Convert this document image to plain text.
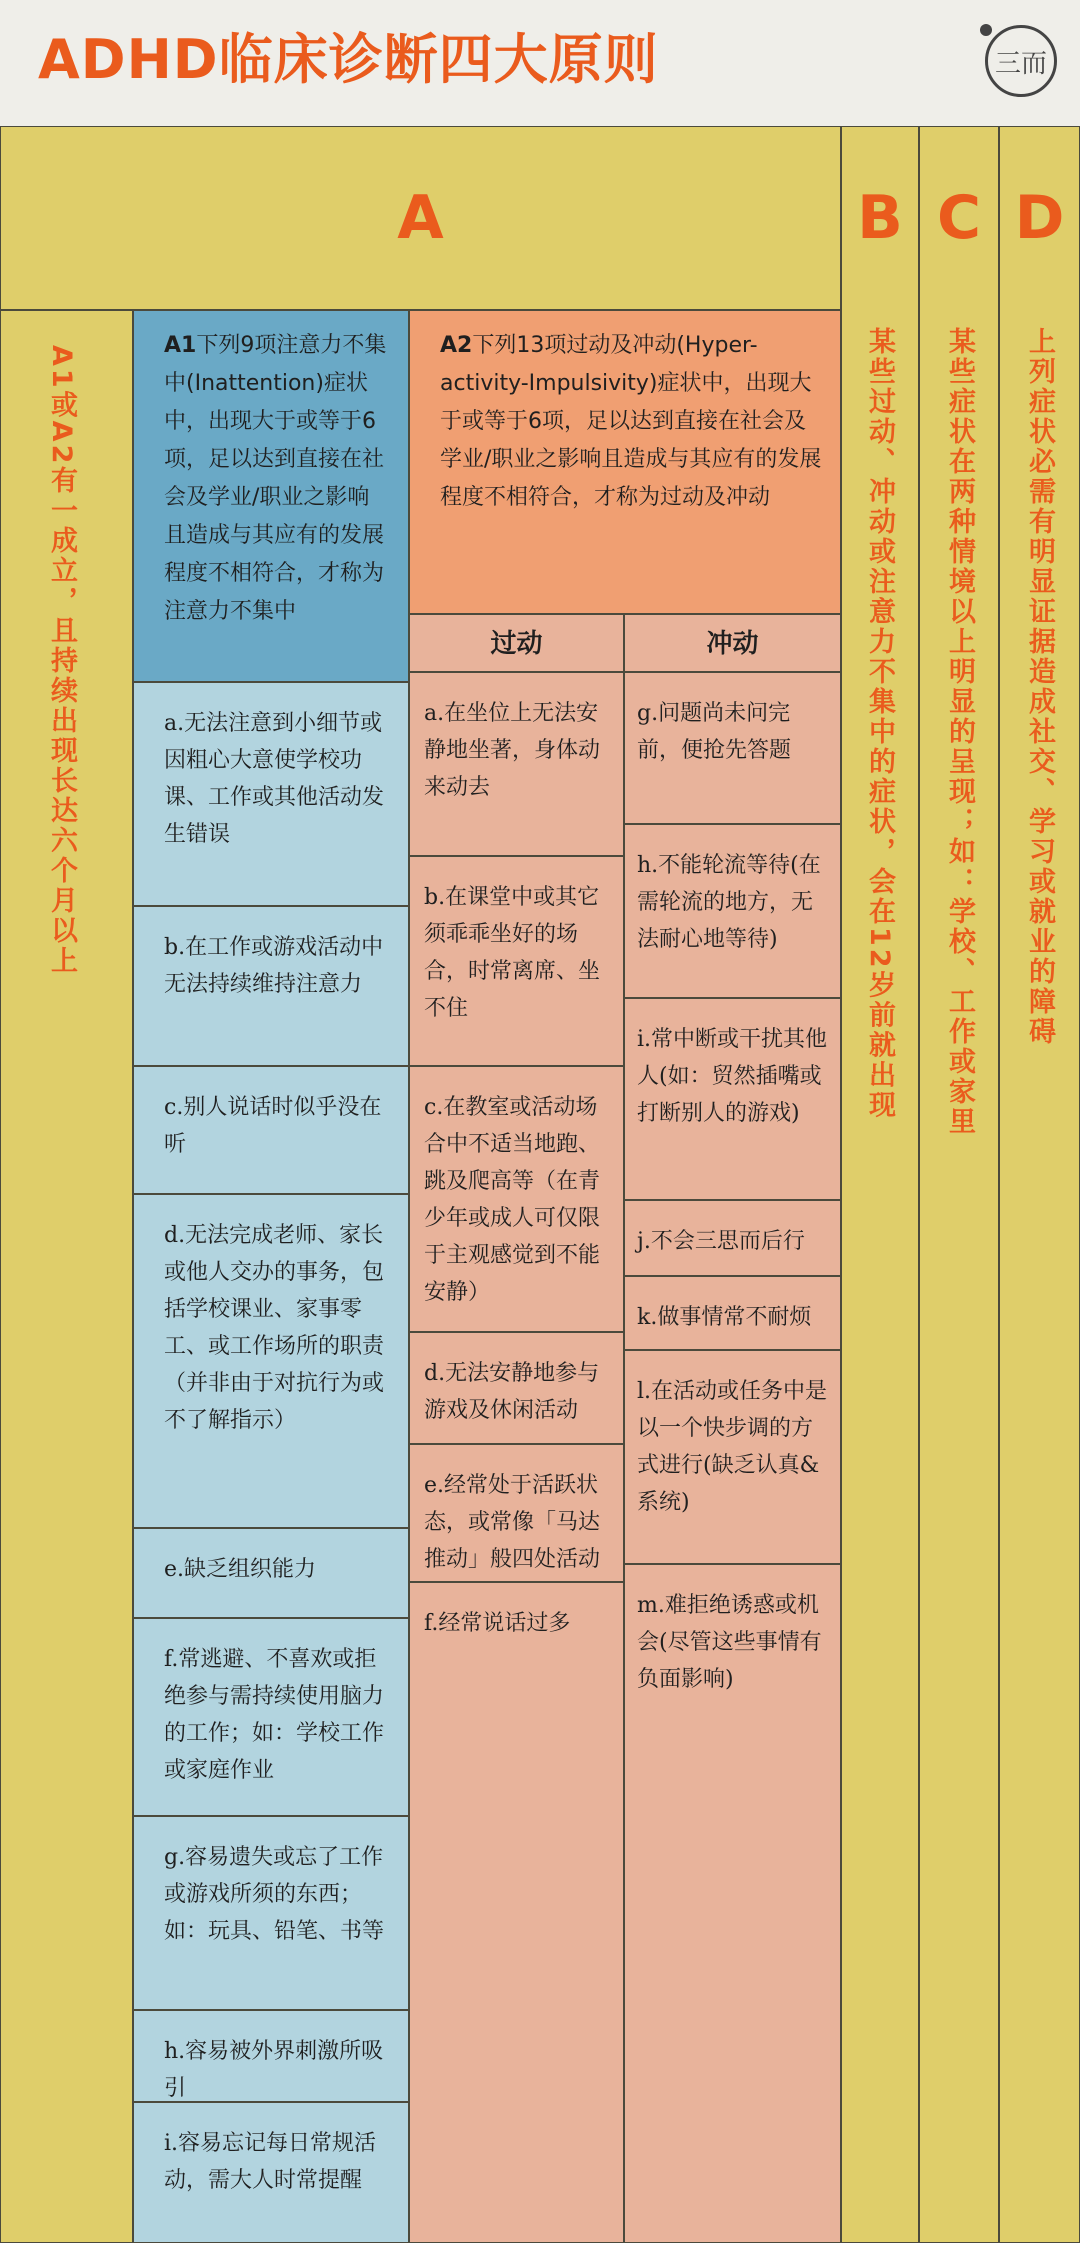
ADHD临床诊断四大原则	三而
A
A1或A2有一成立，且持续出现长达六个月以上
B
某些过动、冲动或注意力不集中的症状，会在12岁前就出现
C
某些症状在两种情境以上明显的呈现；如：学校、工作或家里
D
上列症状必需有明显证据造成社交、学习或就业的障碍
A1下列9项注意力不集中(Inattention)症状中，出现大于或等于6项，足以达到直接在社会及学业/职业之影响且造成与其应有的发展程度不相符合，才称为注意力不集中
a.无法注意到小细节或因粗心大意使学校功课、工作或其他活动发生错误
b.在工作或游戏活动中无法持续维持注意力
c.别人说话时似乎没在听
d.无法完成老师、家长或他人交办的事务，包括学校课业、家事零工、或工作场所的职责（并非由于对抗行为或不了解指示）
e.缺乏组织能力
f.常逃避、不喜欢或拒绝参与需持续使用脑力的工作；如：学校工作或家庭作业
g.容易遗失或忘了工作或游戏所须的东西；如：玩具、铅笔、书等
h.容易被外界刺激所吸引
i.容易忘记每日常规活动，需大人时常提醒
A2下列13项过动及冲动(Hyper-activity-Impulsivity)症状中，出现大于或等于6项，足以达到直接在社会及学业/职业之影响且造成与其应有的发展程度不相符合，才称为过动及冲动
过动	冲动
a.在坐位上无法安静地坐著，身体动来动去
b.在课堂中或其它须乖乖坐好的场合，时常离席、坐不住
c.在教室或活动场合中不适当地跑、跳及爬高等（在青少年或成人可仅限于主观感觉到不能安静）
d.无法安静地参与游戏及休闲活动
e.经常处于活跃状态，或常像「马达推动」般四处活动
f.经常说话过多
g.问题尚未问完前，便抢先答题
h.不能轮流等待(在需轮流的地方，无法耐心地等待)
i.常中断或干扰其他人(如：贸然插嘴或打断别人的游戏)
j.不会三思而后行
k.做事情常不耐烦
l.在活动或任务中是以一个快步调的方式进行(缺乏认真&系统)
m.难拒绝诱惑或机会(尽管这些事情有负面影响)
